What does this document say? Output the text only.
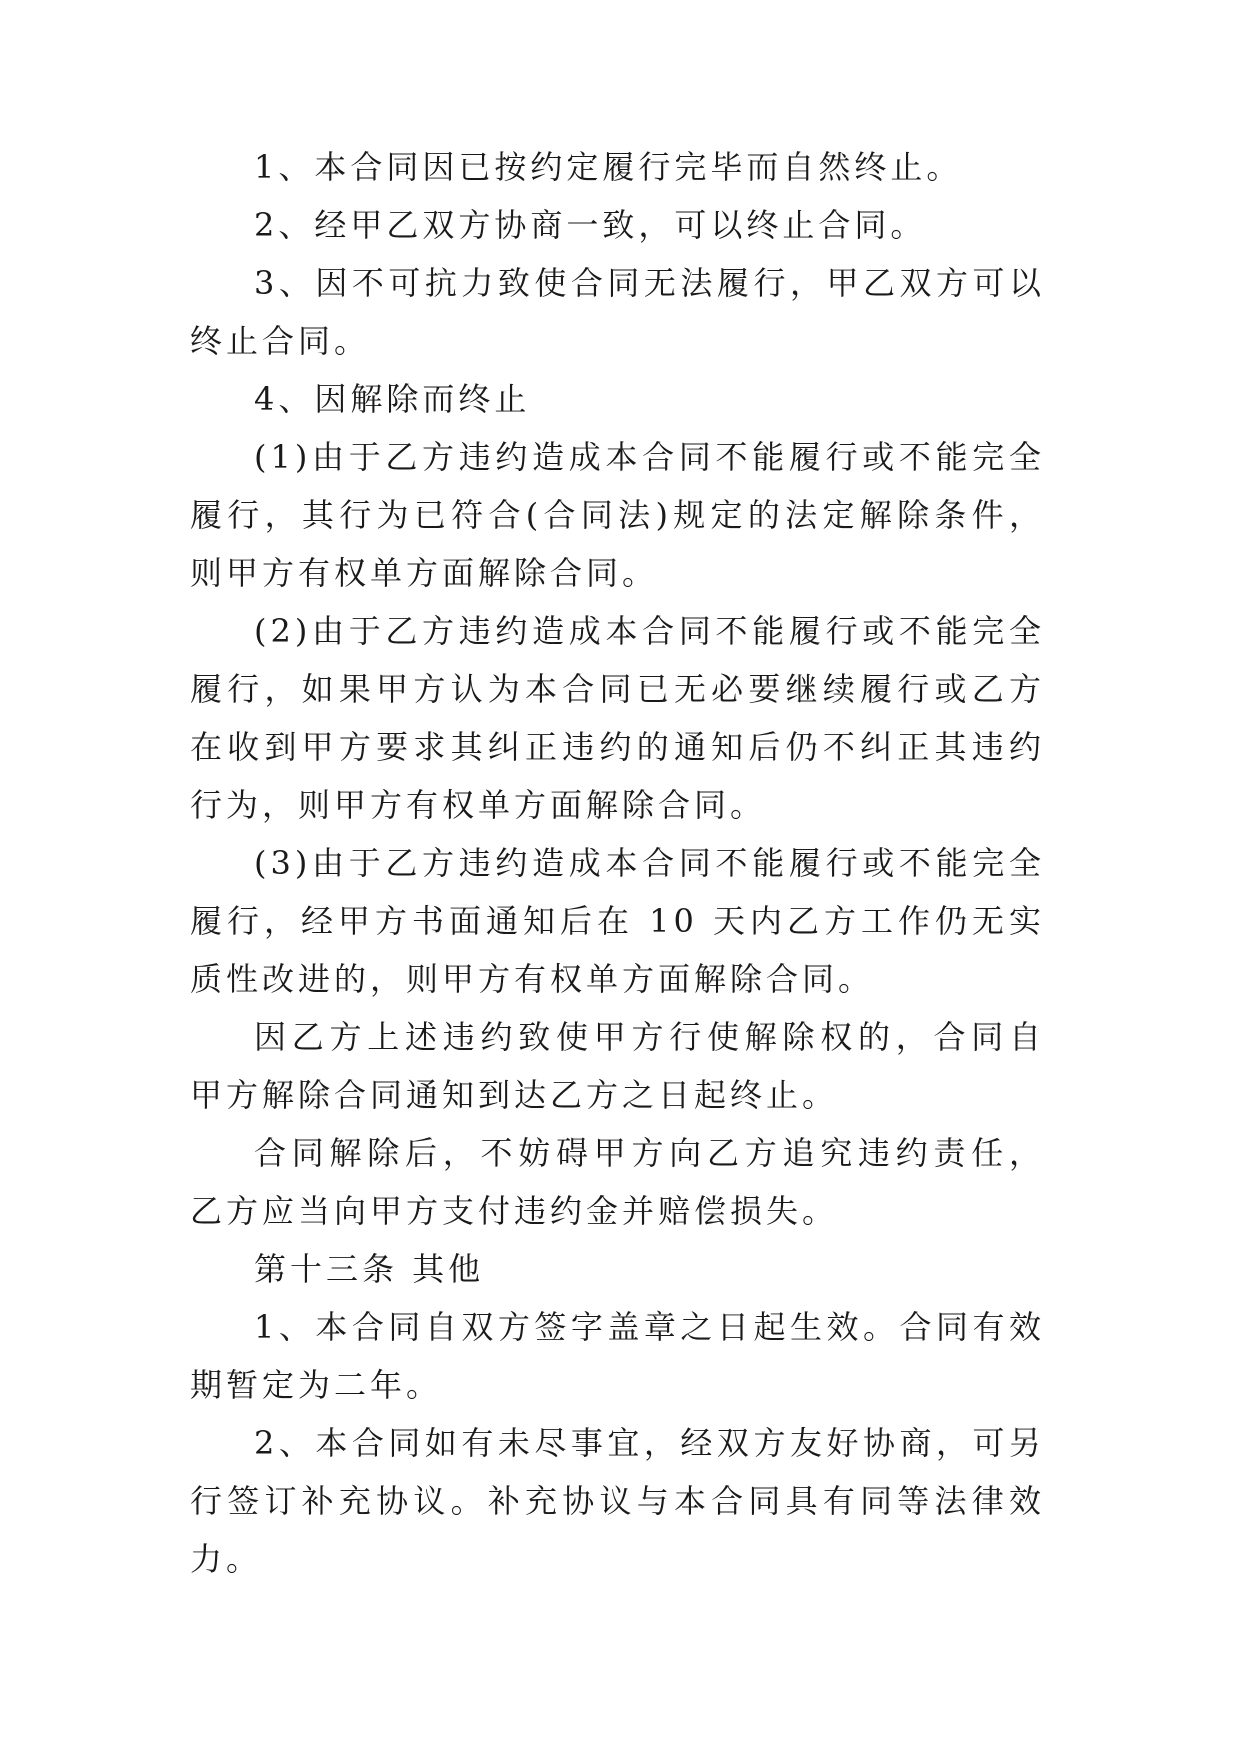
1、本合同因已按约定履行完毕而自然终止。

2、经甲乙双方协商一致，可以终止合同。

3、因不可抗力致使合同无法履行，甲乙双方可以终止合同。

4、因解除而终止

(1)由于乙方违约造成本合同不能履行或不能完全履行，其行为已符合(合同法)规定的法定解除条件，则甲方有权单方面解除合同。

(2)由于乙方违约造成本合同不能履行或不能完全履行，如果甲方认为本合同已无必要继续履行或乙方在收到甲方要求其纠正违约的通知后仍不纠正其违约行为，则甲方有权单方面解除合同。

(3)由于乙方违约造成本合同不能履行或不能完全履行，经甲方书面通知后在 10 天内乙方工作仍无实质性改进的，则甲方有权单方面解除合同。

因乙方上述违约致使甲方行使解除权的，合同自甲方解除合同通知到达乙方之日起终止。

合同解除后，不妨碍甲方向乙方追究违约责任，乙方应当向甲方支付违约金并赔偿损失。

第十三条 其他

1、本合同自双方签字盖章之日起生效。合同有效期暂定为二年。

2、本合同如有未尽事宜，经双方友好协商，可另行签订补充协议。补充协议与本合同具有同等法律效力。
